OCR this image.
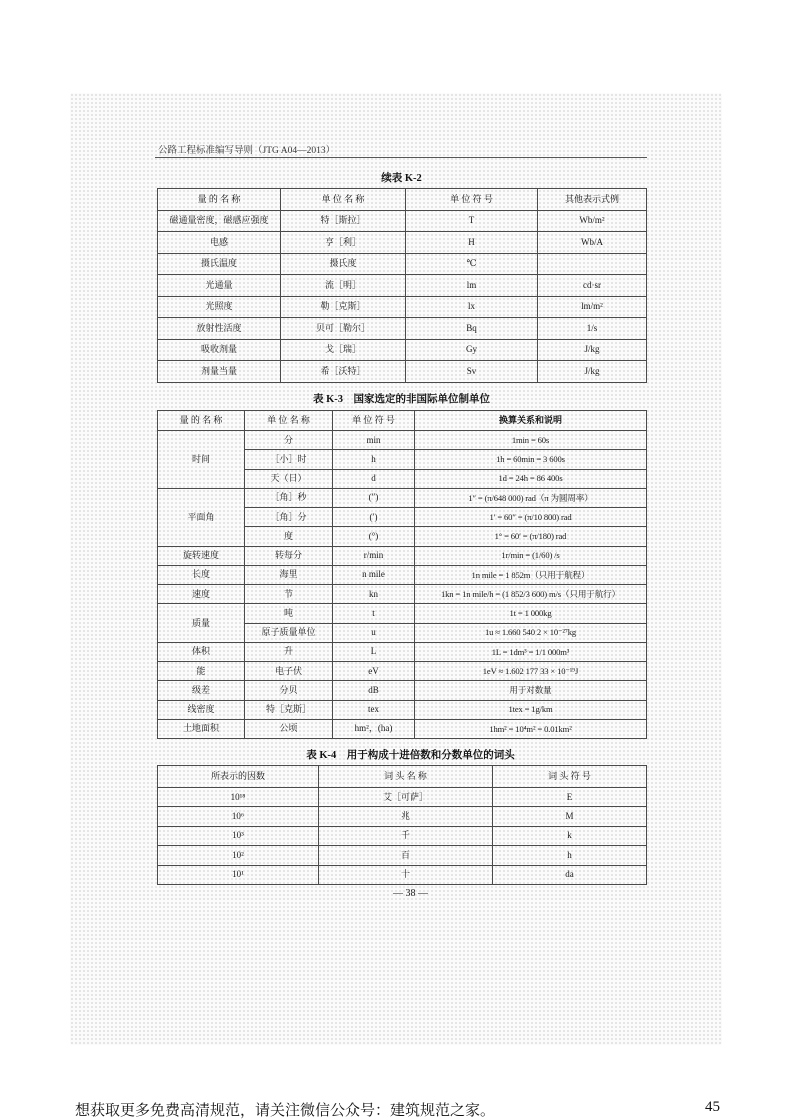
公路工程标准编写导则（JTG A04—2013）
续表 K-2
量 的 名 称	单 位 名 称	单 位 符 号	其他表示式例
磁通量密度，磁感应强度	特［斯拉］	T	Wb/m²
电感	亨［利］	H	Wb/A
摄氏温度	摄氏度	℃	
光通量	流［明］	lm	cd·sr
光照度	勒［克斯］	lx	lm/m²
放射性活度	贝可［勒尔］	Bq	1/s
吸收剂量	戈［瑞］	Gy	J/kg
剂量当量	希［沃特］	Sv	J/kg
表 K-3　国家选定的非国际单位制单位
量 的 名 称	单 位 名 称	单 位 符 号	换算关系和说明
时间	分	min	1min = 60s
	［小］时	h	1h = 60min = 3 600s
	天（日）	d	1d = 24h = 86 400s
平面角	［角］秒	(″)	1″ = (π/648 000) rad（π 为圆周率）
	［角］分	(′)	1′ = 60″ = (π/10 800) rad
	度	(°)	1° = 60′ = (π/180) rad
旋转速度	转每分	r/min	1r/min = (1/60) /s
长度	海里	n mile	1n mile = 1 852m（只用于航程）
速度	节	kn	1kn = 1n mile/h = (1 852/3 600) m/s（只用于航行）
质量	吨	t	1t = 1 000kg
	原子质量单位	u	1u ≈ 1.660 540 2 × 10⁻²⁷kg
体积	升	L	1L = 1dm³ = 1/1 000m³
能	电子伏	eV	1eV ≈ 1.602 177 33 × 10⁻¹⁹J
级差	分贝	dB	用于对数量
线密度	特［克斯］	tex	1tex = 1g/km
土地面积	公顷	hm²，(ha)	1hm² = 10⁴m² = 0.01km²
表 K-4　用于构成十进倍数和分数单位的词头
所表示的因数	词 头 名 称	词 头 符 号
10¹⁸	艾［可萨］	E
10⁶	兆	M
10³	千	k
10²	百	h
10¹	十	da
— 38 —
想获取更多免费高清规范，请关注微信公众号：建筑规范之家。	45
